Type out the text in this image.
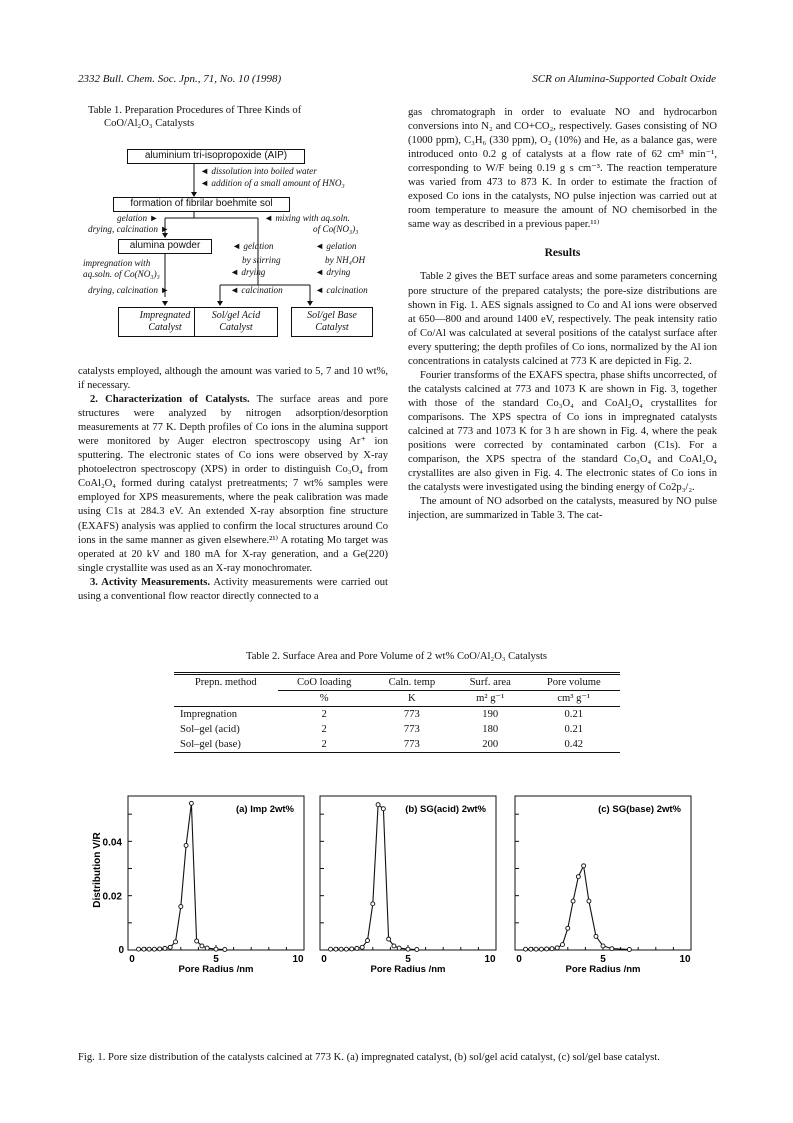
2332 Bull. Chem. Soc. Jpn., 71, No. 10 (1998)	SCR on Alumina-Supported Cobalt Oxide
Table 1. Preparation Procedures of Three Kinds of
CoO/Al₂O₃ Catalysts
aluminium tri-isopropoxide (AIP)
◄ dissolution into boiled water
◄ addition of a small amount of HNO₃
formation of fibrilar boehmite sol
gelation ►
drying, calcination ►
◄ mixing with aq.soln.
of Co(NO₃)₃
alumina powder
impregnation with
aq.soln. of Co(NO₃)₃
drying, calcination ►
◄ gelation
by stirring
◄ drying
◄ calcination
◄ gelation
by NH₄OH
◄ drying
◄ calcination
Impregnated
Catalyst
Sol/gel Acid
Catalyst
Sol/gel Base
Catalyst

catalysts employed, although the amount was varied to 5, 7 and 10 wt%, if necessary.

2. Characterization of Catalysts. The surface areas and pore structures were analyzed by nitrogen adsorption/desorption measurements at 77 K. Depth profiles of Co ions in the alumina support were monitored by Auger electron spectroscopy using Ar⁺ ion sputtering. The electronic states of Co ions were observed by X-ray photoelectron spectroscopy (XPS) in order to distinguish Co₃O₄ from CoAl₂O₄ formed during catalyst pretreatments; 7 wt% samples were employed for XPS measurements, where the peak calibration was made using C1s at 284.3 eV. An extended X-ray absorption fine structure (EXAFS) analysis was applied to confirm the local structures around Co ions in the same manner as given elsewhere.²¹⁾ A rotating Mo target was operated at 20 kV and 180 mA for X-ray generation, and a Ge(220) single crystallite was used as an X-ray monochromater.

3. Activity Measurements. Activity measurements were carried out using a conventional flow reactor directly connected to a

gas chromatograph in order to evaluate NO and hydrocarbon conversions into N₂ and CO+CO₂, respectively. Gases consisting of NO (1000 ppm), C₃H₆ (330 ppm), O₂ (10%) and He, as a balance gas, were introduced onto 0.2 g of catalysts at a flow rate of 62 cm³ min⁻¹, corresponding to W/F being 0.19 g s cm⁻³. The reaction temperature was varied from 473 to 873 K. In order to estimate the fraction of exposed Co ions in the catalysts, NO pulse injection was carried out at room temperature to measure the amount of NO chemisorbed in the same way as described in a previous paper.¹¹⁾

Results

Table 2 gives the BET surface areas and some parameters concerning pore structure of the prepared catalysts; the pore-size distributions are shown in Fig. 1. AES signals assigned to Co and Al ions were observed at 650—800 and around 1400 eV, respectively. The peak intensity ratio of Co/Al was calculated at several positions of the catalyst surface after every sputtering; the depth profiles of Co ions, normalized by the Al ion concentrations in catalysts calcined at 773 K are depicted in Fig. 2.

Fourier transforms of the EXAFS spectra, phase shifts uncorrected, of the catalysts calcined at 773 and 1073 K are shown in Fig. 3, together with those of the standard Co₃O₄ and CoAl₂O₄ crystallites for comparisons. The XPS spectra of Co ions in impregnated catalysts calcined at 773 and 1073 K for 3 h are shown in Fig. 4, where the peak positions were corrected by contaminated carbon (C1s). For a comparison, the XPS spectra of the standard Co₃O₄ and CoAl₂O₄ crystallites are also given in Fig. 4. The electronic states of Co ions in the catalysts were investigated using the binding energy of Co2p₃/₂.

The amount of NO adsorbed on the catalysts, measured by NO pulse injection, are summarized in Table 3. The cat-

Table 2. Surface Area and Pore Volume of 2 wt% CoO/Al₂O₃ Catalysts
Prepn. method	CoO loading	Caln. temp	Surf. area	Pore volume
	%	K	m² g⁻¹	cm³ g⁻¹
Impregnation	2	773	190	0.21
Sol–gel (acid)	2	773	180	0.21
Sol–gel (base)	2	773	200	0.42
0	5	10
Pore Radius /nm
(a) Imp 2wt%
0	5	10
Pore Radius /nm
(b) SG(acid) 2wt%
0	5	10
Pore Radius /nm
(c) SG(base) 2wt%
0.04
0.02
0
Distribution V/R
Fig. 1. Pore size distribution of the catalysts calcined at 773 K. (a) impregnated catalyst, (b) sol/gel acid catalyst, (c) sol/gel base catalyst.
